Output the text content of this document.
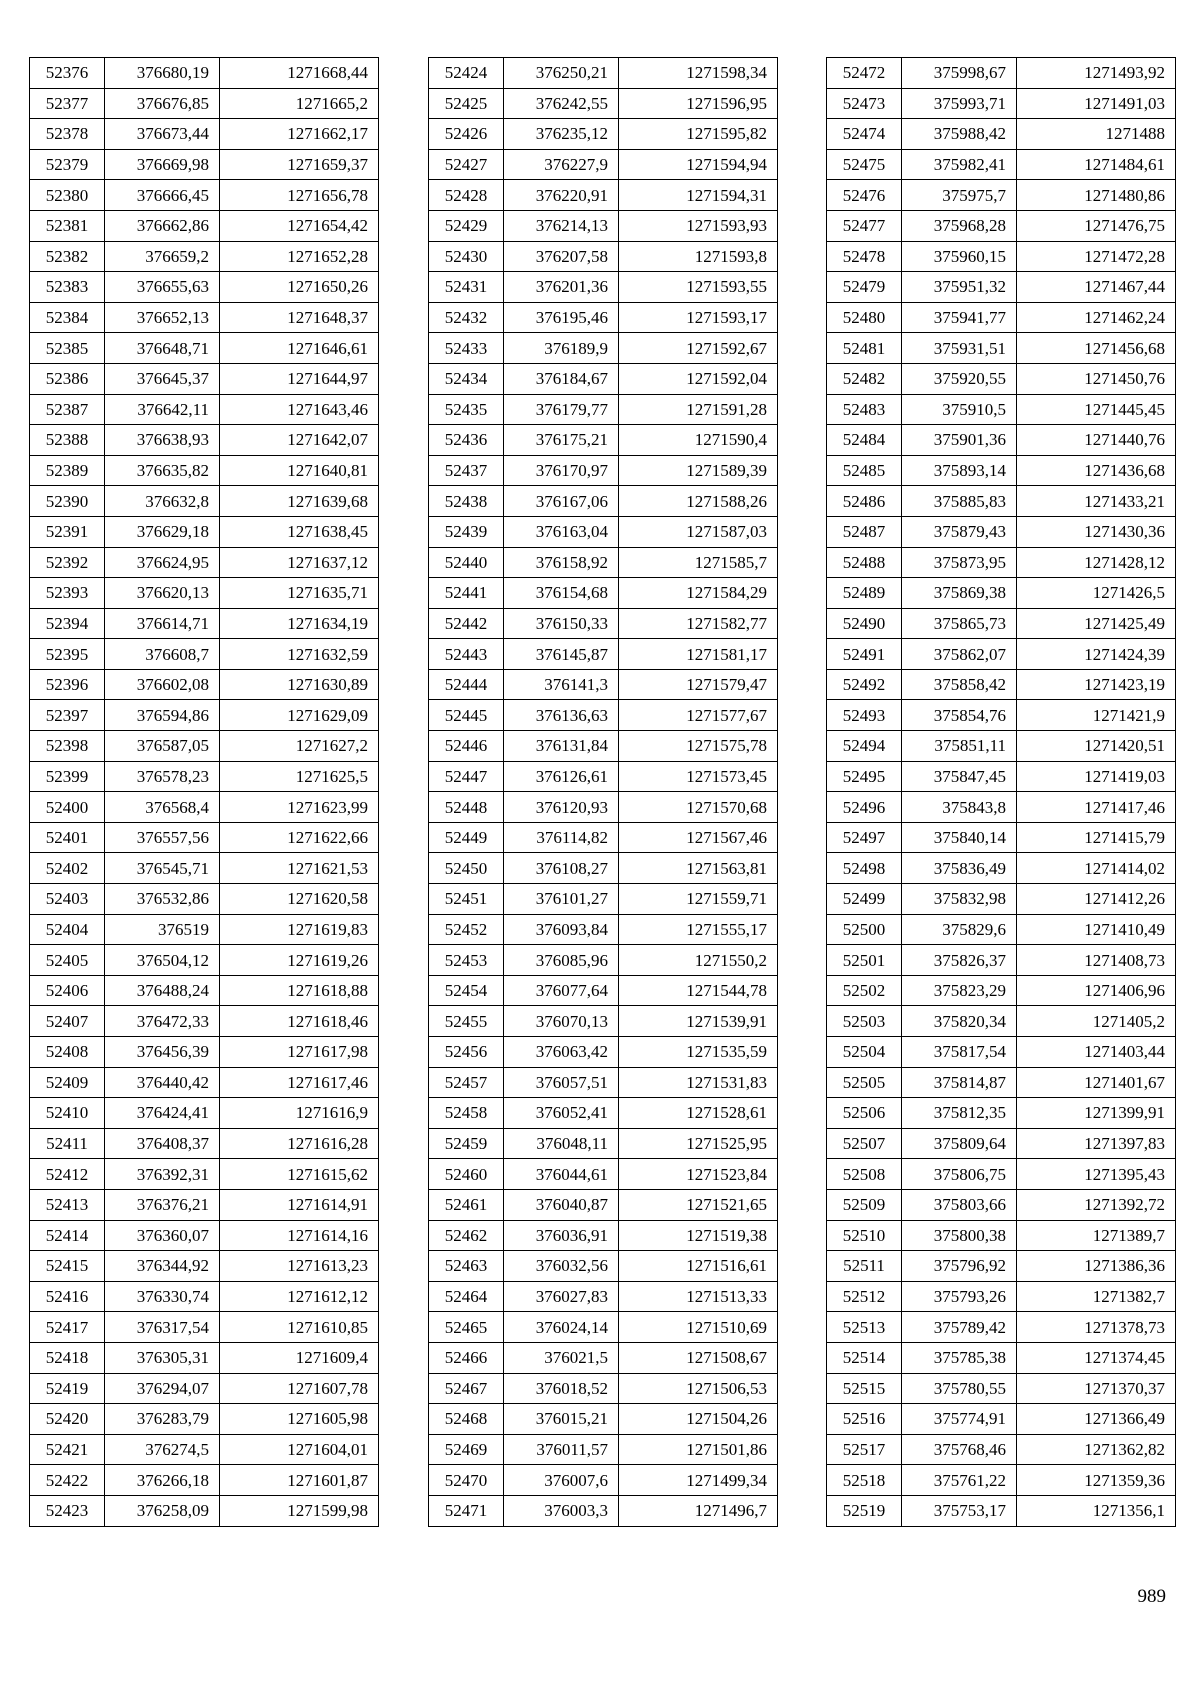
52376	376680,19	1271668,44
52377	376676,85	1271665,2
52378	376673,44	1271662,17
52379	376669,98	1271659,37
52380	376666,45	1271656,78
52381	376662,86	1271654,42
52382	376659,2	1271652,28
52383	376655,63	1271650,26
52384	376652,13	1271648,37
52385	376648,71	1271646,61
52386	376645,37	1271644,97
52387	376642,11	1271643,46
52388	376638,93	1271642,07
52389	376635,82	1271640,81
52390	376632,8	1271639,68
52391	376629,18	1271638,45
52392	376624,95	1271637,12
52393	376620,13	1271635,71
52394	376614,71	1271634,19
52395	376608,7	1271632,59
52396	376602,08	1271630,89
52397	376594,86	1271629,09
52398	376587,05	1271627,2
52399	376578,23	1271625,5
52400	376568,4	1271623,99
52401	376557,56	1271622,66
52402	376545,71	1271621,53
52403	376532,86	1271620,58
52404	376519	1271619,83
52405	376504,12	1271619,26
52406	376488,24	1271618,88
52407	376472,33	1271618,46
52408	376456,39	1271617,98
52409	376440,42	1271617,46
52410	376424,41	1271616,9
52411	376408,37	1271616,28
52412	376392,31	1271615,62
52413	376376,21	1271614,91
52414	376360,07	1271614,16
52415	376344,92	1271613,23
52416	376330,74	1271612,12
52417	376317,54	1271610,85
52418	376305,31	1271609,4
52419	376294,07	1271607,78
52420	376283,79	1271605,98
52421	376274,5	1271604,01
52422	376266,18	1271601,87
52423	376258,09	1271599,98
52424	376250,21	1271598,34
52425	376242,55	1271596,95
52426	376235,12	1271595,82
52427	376227,9	1271594,94
52428	376220,91	1271594,31
52429	376214,13	1271593,93
52430	376207,58	1271593,8
52431	376201,36	1271593,55
52432	376195,46	1271593,17
52433	376189,9	1271592,67
52434	376184,67	1271592,04
52435	376179,77	1271591,28
52436	376175,21	1271590,4
52437	376170,97	1271589,39
52438	376167,06	1271588,26
52439	376163,04	1271587,03
52440	376158,92	1271585,7
52441	376154,68	1271584,29
52442	376150,33	1271582,77
52443	376145,87	1271581,17
52444	376141,3	1271579,47
52445	376136,63	1271577,67
52446	376131,84	1271575,78
52447	376126,61	1271573,45
52448	376120,93	1271570,68
52449	376114,82	1271567,46
52450	376108,27	1271563,81
52451	376101,27	1271559,71
52452	376093,84	1271555,17
52453	376085,96	1271550,2
52454	376077,64	1271544,78
52455	376070,13	1271539,91
52456	376063,42	1271535,59
52457	376057,51	1271531,83
52458	376052,41	1271528,61
52459	376048,11	1271525,95
52460	376044,61	1271523,84
52461	376040,87	1271521,65
52462	376036,91	1271519,38
52463	376032,56	1271516,61
52464	376027,83	1271513,33
52465	376024,14	1271510,69
52466	376021,5	1271508,67
52467	376018,52	1271506,53
52468	376015,21	1271504,26
52469	376011,57	1271501,86
52470	376007,6	1271499,34
52471	376003,3	1271496,7
52472	375998,67	1271493,92
52473	375993,71	1271491,03
52474	375988,42	1271488
52475	375982,41	1271484,61
52476	375975,7	1271480,86
52477	375968,28	1271476,75
52478	375960,15	1271472,28
52479	375951,32	1271467,44
52480	375941,77	1271462,24
52481	375931,51	1271456,68
52482	375920,55	1271450,76
52483	375910,5	1271445,45
52484	375901,36	1271440,76
52485	375893,14	1271436,68
52486	375885,83	1271433,21
52487	375879,43	1271430,36
52488	375873,95	1271428,12
52489	375869,38	1271426,5
52490	375865,73	1271425,49
52491	375862,07	1271424,39
52492	375858,42	1271423,19
52493	375854,76	1271421,9
52494	375851,11	1271420,51
52495	375847,45	1271419,03
52496	375843,8	1271417,46
52497	375840,14	1271415,79
52498	375836,49	1271414,02
52499	375832,98	1271412,26
52500	375829,6	1271410,49
52501	375826,37	1271408,73
52502	375823,29	1271406,96
52503	375820,34	1271405,2
52504	375817,54	1271403,44
52505	375814,87	1271401,67
52506	375812,35	1271399,91
52507	375809,64	1271397,83
52508	375806,75	1271395,43
52509	375803,66	1271392,72
52510	375800,38	1271389,7
52511	375796,92	1271386,36
52512	375793,26	1271382,7
52513	375789,42	1271378,73
52514	375785,38	1271374,45
52515	375780,55	1271370,37
52516	375774,91	1271366,49
52517	375768,46	1271362,82
52518	375761,22	1271359,36
52519	375753,17	1271356,1
989
